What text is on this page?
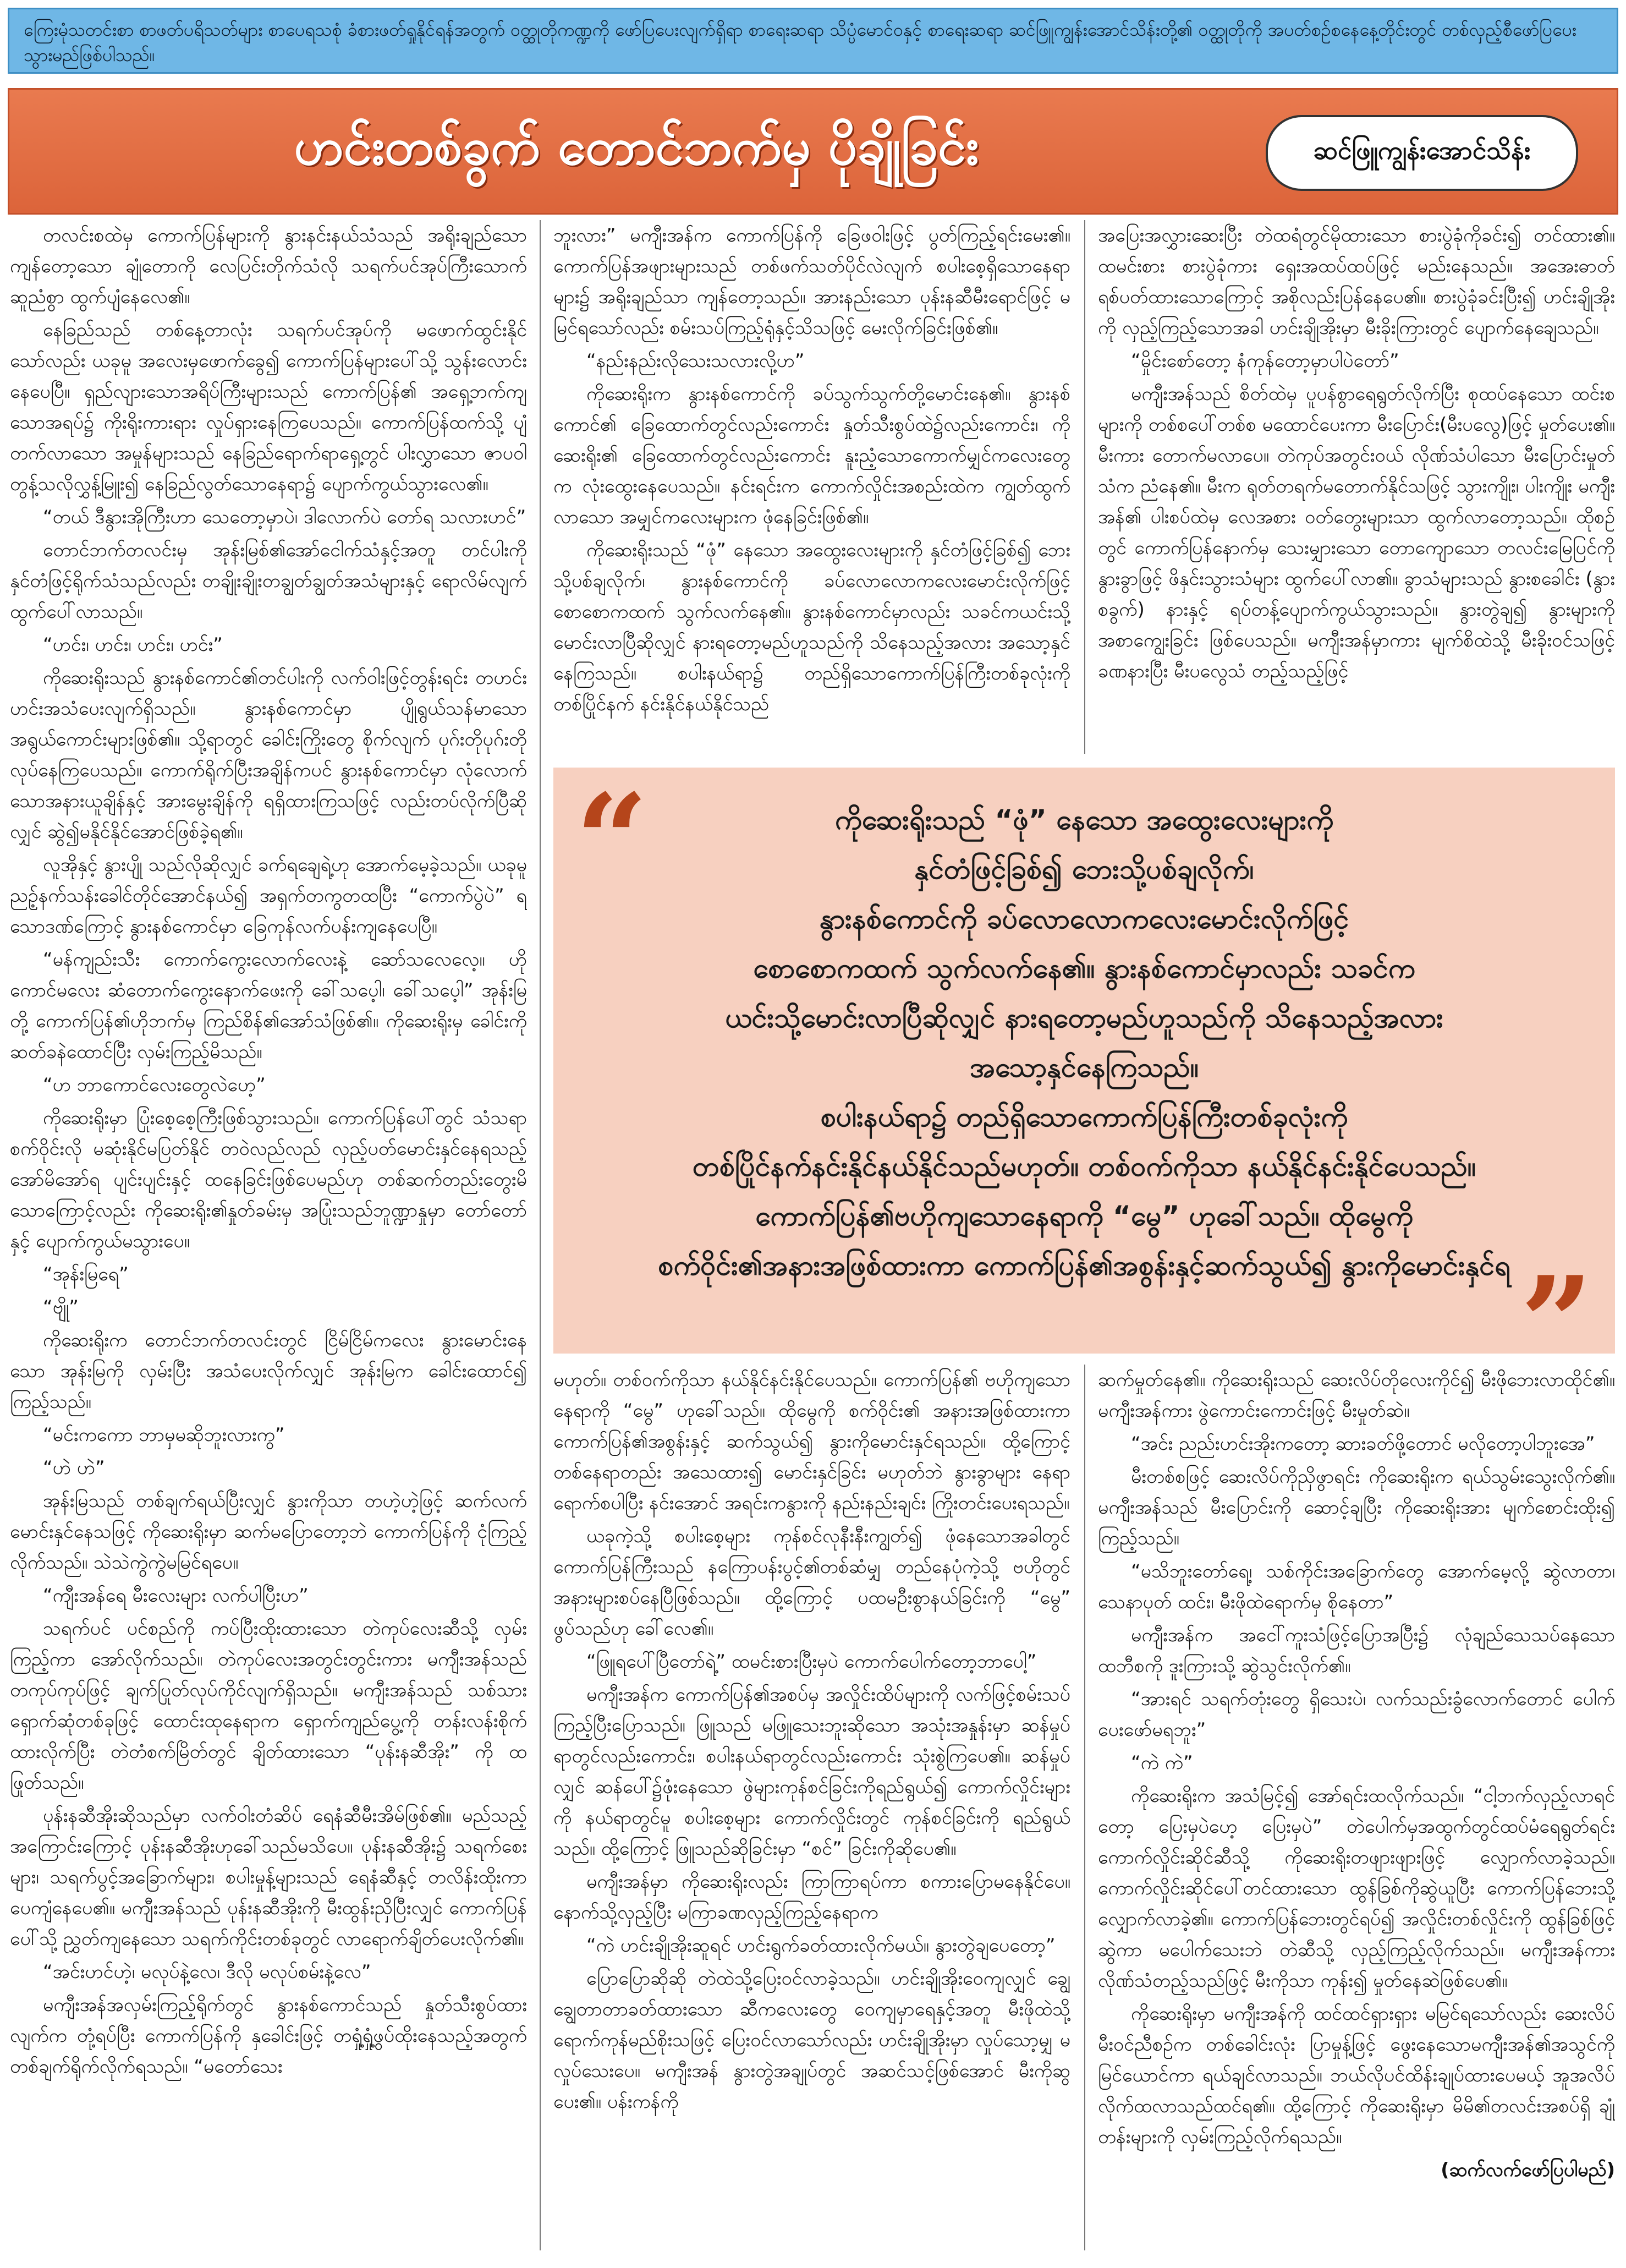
ကြေးမုံသတင်းစာ စာဖတ်ပရိသတ်များ စာပေရသစုံ ခံစားဖတ်ရှုနိုင်ရန်အတွက် ဝတ္ထုတိုကဏ္ဍကို ဖော်ပြပေးလျက်ရှိရာ စာရေးဆရာ သိပ္ပံမောင်ဝနှင့် စာရေးဆရာ ဆင်ဖြူကျွန်းအောင်သိန်းတို့၏ ဝတ္ထုတိုကို အပတ်စဉ်စနေနေ့တိုင်းတွင် တစ်လှည့်စီဖော်ပြပေးသွားမည်ဖြစ်ပါသည်။
ဟင်းတစ်ခွက် တောင်ဘက်မှ ပိုချိုခြင်း	ဆင်ဖြူကျွန်းအောင်သိန်း

တလင်းစထဲမှ ကောက်ပြန်များကို နွားနင်းနယ်သံသည် အရိုးချည်သောကျန်တော့သော ချုံတောကို လေပြင်းတိုက်သံလို သရက်ပင်အုပ်ကြီးသောက် ဆူညံစွာ ထွက်ပျံနေလေ၏။

နေခြည်သည် တစ်နေ့တာလုံး သရက်ပင်အုပ်ကို မဖောက်ထွင်းနိုင်သော်လည်း ယခုမူ အလေးမှဖောက်ခွေ၍ ကောက်ပြန်များပေါ်သို့ သွန်းလောင်းနေပေပြီ။ ရှည်လျားသောအရိပ်ကြီးများသည် ကောက်ပြန်၏ အရှေ့ဘက်ကျသောအရပ်၌ ကိုးရိုးကားရား လှုပ်ရှားနေကြပေသည်။ ကောက်ပြန်ထက်သို့ ပျံတက်လာသော အမှုန်များသည် နေခြည်ရောက်ရာရှေ့တွင် ပါးလွှာသော ဇာပဝါတွန့်သလိုလွှန့်မြူး၍ နေခြည်လွတ်သောနေရာ၌ ပျောက်ကွယ်သွားလေ၏။

“တယ် ဒီနွားအိုကြီးဟာ သေတော့မှာပဲ၊ ဒါလောက်ပဲ တော်ရ သလားဟင်”

တောင်ဘက်တလင်းမှ အုန်းမြစ်၏အော်ငေါက်သံနှင့်အတူ တင်ပါးကို နှင်တံဖြင့်ရိုက်သံသည်လည်း တချိုးချိုးတချွတ်ချွတ်အသံများနှင့် ရောလိမ်လျက်ထွက်ပေါ်လာသည်။

“ဟင်း၊ ဟင်း၊ ဟင်း၊ ဟင်း”

ကိုဆေးရိုးသည် နွားနစ်ကောင်၏တင်ပါးကို လက်ဝါးဖြင့်တွန်းရင်း တဟင်းဟင်းအသံပေးလျက်ရှိသည်။ နွားနစ်ကောင်မှာ ပျိုရွယ်သန်မာသောအရွယ်ကောင်းများဖြစ်၏။ သို့ရာတွင် ခေါင်းကြိုးတွေ စိုက်လျက် ပုဂ်းတိုပုဂ်းတိုလုပ်နေကြပေသည်။ ကောက်ရိုက်ပြီးအချိန်ကပင် နွားနစ်ကောင်မှာ လုံလောက်သောအနားယူချိန်နှင့် အားမွေးချိန်ကို ရရှိထားကြသဖြင့် လည်းတပ်လိုက်ပြီဆိုလျှင် ဆွဲ၍မနိုင်နိုင်အောင်ဖြစ်ခဲ့ရ၏။

လူအိုနှင့် နွားပျို သည်လိုဆိုလျှင် ခက်ရချေရဲ့ဟု အောက်မေ့ခဲ့သည်။ ယခုမူ ညဉ့်နက်သန်းခေါင်တိုင်အောင်နယ်၍ အရှက်တကွတထပြီး “ကောက်ပွဲပဲ” ရသောဒဏ်ကြောင့် နွားနစ်ကောင်မှာ ခြေကုန်လက်ပန်းကျနေပေပြီ။

“မန်ကျည်းသီး ကောက်ကွေးလောက်လေးနဲ့ ဆော်သလေလေ့။ ဟိုကောင်မလေး ဆံတောက်ကွေးနောက်ဖေးကို ခေါ်သပေ့ါ၊ ခေါ်သပေ့ါ” အုန်းမြတို့ ကောက်ပြန်၏ဟိုဘက်မှ ကြည်စိန်၏အော်သံဖြစ်၏။ ကိုဆေးရိုးမှ ခေါင်းကို ဆတ်ခနဲထောင်ပြီး လှမ်းကြည့်မိသည်။

“ဟ ဘာကောင်လေးတွေလဲဟေ့”

ကိုဆေးရိုးမှာ ပြုံးစေ့စေ့ကြီးဖြစ်သွားသည်။ ကောက်ပြန်ပေါ်တွင် သံသရာစက်ဝိုင်းလို မဆုံးနိုင်မပြတ်နိုင် တဝဲလည်လည် လှည့်ပတ်မောင်းနှင်နေရသည့် အော်မိအော်ရ ပျင်းပျင်းနှင့် ထနေခြင်းဖြစ်ပေမည်ဟု တစ်ဆက်တည်းတွေးမိသောကြောင့်လည်း ကိုဆေးရိုး၏နှုတ်ခမ်းမှ အပြုံးသည်ဘူဏ္ဍာနှုမှာ တော်တော်နှင့် ပျောက်ကွယ်မသွားပေ။

“အုန်းမြရေ”

“ဗျို”

ကိုဆေးရိုးက တောင်ဘက်တလင်းတွင် ငြိမ်ငြိမ်ကလေး နွားမောင်းနေသော အုန်းမြကို လှမ်းပြီး အသံပေးလိုက်လျှင် အုန်းမြက ခေါင်းထောင်၍ ကြည့်သည်။

“မင်းကကော ဘာမှမဆိုဘူးလားကွ”

“ဟဲ ဟဲ”

အုန်းမြသည် တစ်ချက်ရယ်ပြီးလျှင် နွားကိုသာ တဟဲ့ဟဲ့ဖြင့် ဆက်လက်မောင်းနှင်နေသဖြင့် ကိုဆေးရိုးမှာ ဆက်မပြောတော့ဘဲ ကောက်ပြန်ကို ငုံကြည့်လိုက်သည်။ သဲသဲကွဲကွဲမမြင်ရပေ။

“ကျီးအန်ရေ မီးလေးများ လက်ပါပြီးဟ”

သရက်ပင် ပင်စည်ကို ကပ်ပြီးထိုးထားသော တဲကုပ်လေးဆီသို့ လှမ်းကြည့်ကာ အော်လိုက်သည်။ တဲကုပ်လေးအတွင်းတွင်းကား မကျီးအန်သည် တကုပ်ကုပ်ဖြင့် ချက်ပြုတ်လုပ်ကိုင်လျက်ရှိသည်။ မကျီးအန်သည် သစ်သားရှောက်ဆုံတစ်ခုဖြင့် ထောင်းထုနေရာက ရှောက်ကျည်ပွေ့ကို တန်းလန်းစိုက်ထားလိုက်ပြီး တဲတံစက်မြိတ်တွင် ချိတ်ထားသော “ပုန်းနဆီအိုး” ကို ထဖြုတ်သည်။

ပုန်းနဆီအိုးဆိုသည်မှာ လက်ဝါးတံဆိပ် ရေနံဆီမီးအိမ်ဖြစ်၏။ မည်သည့်အကြောင်းကြောင့် ပုန်းနဆီအိုးဟုခေါ်သည်မသိပေ။ ပုန်းနဆီအိုး၌ သရက်စေးများ၊ သရက်ပွင့်အခြောက်များ၊ စပါးမှုန့်များသည် ရေနံဆီနှင့် တလိန်းထိုးကာ ပေကျံနေပေ၏။ မကျီးအန်သည် ပုန်းနဆီအိုးကို မီးထွန်းညှိပြီးလျှင် ကောက်ပြန်ပေါ်သို့ ညွှတ်ကျနေသော သရက်ကိုင်းတစ်ခုတွင် လာရောက်ချိတ်ပေးလိုက်၏။

“အင်းဟင်ဟဲ့၊ မလုပ်နဲ့လေ၊ ဒီလို မလုပ်စမ်းနဲ့လေ”

မကျီးအန်အလှမ်းကြည့်ရိုက်တွင် နွားနစ်ကောင်သည် နှုတ်သီးစွပ်ထားလျက်က တုံ့ရပ်ပြီး ကောက်ပြန်ကို နှခေါင်းဖြင့် တရှုံ့ရှုံ့ဖွပ်ထိုးနေသည့်အတွက် တစ်ချက်ရိုက်လိုက်ရသည်။ “မတော်သေး

ဘူးလား” မကျီးအန်က ကောက်ပြန်ကို ခြေဖဝါးဖြင့် ပွတ်ကြည့်ရင်းမေး၏။ ကောက်ပြန်အဖျားများသည် တစ်ဖက်သတ်ပိုင်လဲလျက် စပါးစေ့ရှိသောနေရာများ၌ အရိုးချည်သာ ကျန်တော့သည်။ အားနည်းသော ပုန်းနဆီမီးရောင်ဖြင့် မမြင်ရသော်လည်း စမ်းသပ်ကြည့်ရုံနှင့်သိသဖြင့် မေးလိုက်ခြင်းဖြစ်၏။

“နည်းနည်းလိုသေးသလားလို့ဟ”

ကိုဆေးရိုးက နွားနစ်ကောင်ကို ခပ်သွက်သွက်တို့မောင်းနေ၏။ နွားနစ်ကောင်၏ ခြေထောက်တွင်လည်းကောင်း နှုတ်သီးစွပ်ထဲ၌လည်းကောင်း၊ ကိုဆေးရိုး၏ ခြေထောက်တွင်လည်းကောင်း နူးညံ့သောကောက်မျှင်ကလေးတွေက လုံးထွေးနေပေသည်။ နင်းရင်းက ကောက်လှိုင်းအစည်းထဲက ကျွတ်ထွက်လာသော အမျှင်ကလေးများက ဖုံနေခြင်းဖြစ်၏။

ကိုဆေးရိုးသည် “ဖုံ” နေသော အထွေးလေးများကို နှင်တံဖြင့်ခြစ်၍ ဘေးသို့ပစ်ချလိုက်၊ နွားနစ်ကောင်ကို ခပ်လောလောကလေးမောင်းလိုက်ဖြင့် စောစောကထက် သွက်လက်နေ၏။ နွားနစ်ကောင်မှာလည်း သခင်ကယင်းသို့မောင်းလာပြီဆိုလျှင် နားရတော့မည်ဟူသည်ကို သိနေသည့်အလား အသော့နှင်နေကြသည်။ စပါးနယ်ရာ၌ တည်ရှိသောကောက်ပြန်ကြီးတစ်ခုလုံးကို တစ်ပြိုင်နက် နင်းနိုင်နယ်နိုင်သည်

အပြေးအလွှားဆေးပြီး တဲထရံတွင်မိုထားသော စားပွဲခုံကိုခင်း၍ တင်ထား၏။ ထမင်းစား စားပွဲခုံကား ရှေးအထပ်ထပ်ဖြင့် မည်းနေသည်။ အအေးဓာတ်ရစ်ပတ်ထားသောကြောင့် အစိုလည်းပြန်နေပေ၏။ စားပွဲခုံခင်းပြီး၍ ဟင်းချိုအိုးကို လှည့်ကြည့်သောအခါ ဟင်းချိုအိုးမှာ မီးခိုးကြားတွင် ပျောက်နေချေသည်။

“မှိုင်းစော်တော့ နံကုန်တော့မှာပါပဲတော်”

မကျီးအန်သည် စိတ်ထဲမှ ပူပန်စွာရေရွတ်လိုက်ပြီး စုထပ်နေသော ထင်းစများကို တစ်စပေါ်တစ်စ မထောင်ပေးကာ မီးပြောင်း(မီးပလွေ)ဖြင့် မှုတ်ပေး၏။ မီးကား တောက်မလာပေ။ တဲကုပ်အတွင်းဝယ် လိုဏ်သံပါသော မီးပြောင်းမှုတ်သံက ညံနေ၏။ မီးက ရုတ်တရက်မတောက်နိုင်သဖြင့် သွားကျိုး၊ ပါးကျိုး မကျီးအန်၏ ပါးစပ်ထဲမှ လေအစား ဝတ်တွေးများသာ ထွက်လာတော့သည်။ ထိုစဉ်တွင် ကောက်ပြန်နောက်မှ သေးမျှားသော တောကျောသော တလင်းမြေပြင်ကို နွားခွာဖြင့် ဖိနှင်းသွားသံများ ထွက်ပေါ်လာ၏။ ခွာသံများသည် နွားစခေါင်း (နွားစခွက်) နားနှင့် ရပ်တန့်ပျောက်ကွယ်သွားသည်။ နွားတွဲချ၍ နွားများကို အစာကျွေးခြင်း ဖြစ်ပေသည်။ မကျီးအန်မှာကား မျက်စိထဲသို့ မီးခိုးဝင်သဖြင့် ခဏနားပြီး မီးပလွေသံ တည့်သည့်ဖြင့်

“	ကိုဆေးရိုးသည် “ဖုံ” နေသော အထွေးလေးများကို

နှင်တံဖြင့်ခြစ်၍ ဘေးသို့ပစ်ချလိုက်၊

နွားနစ်ကောင်ကို ခပ်လောလောကလေးမောင်းလိုက်ဖြင့်

စောစောကထက် သွက်လက်နေ၏။ နွားနစ်ကောင်မှာလည်း သခင်က

ယင်းသို့မောင်းလာပြီဆိုလျှင် နားရတော့မည်ဟူသည်ကို သိနေသည့်အလား

အသော့နှင်နေကြသည်။

စပါးနယ်ရာ၌ တည်ရှိသောကောက်ပြန်ကြီးတစ်ခုလုံးကို

တစ်ပြိုင်နက်နင်းနိုင်နယ်နိုင်သည်မဟုတ်။ တစ်ဝက်ကိုသာ နယ်နိုင်နင်းနိုင်ပေသည်။

ကောက်ပြန်၏ဗဟိုကျသောနေရာကို “မွေ” ဟုခေါ်သည်။ ထိုမွေကို

စက်ဝိုင်း၏အနားအဖြစ်ထားကာ ကောက်ပြန်၏အစွန်းနှင့်ဆက်သွယ်၍ နွားကိုမောင်းနှင်ရ ”

မဟုတ်။ တစ်ဝက်ကိုသာ နယ်နိုင်နင်းနိုင်ပေသည်။ ကောက်ပြန်၏ ဗဟိုကျသော နေရာကို “မွေ” ဟုခေါ်သည်။ ထိုမွေကို စက်ဝိုင်း၏ အနားအဖြစ်ထားကာ ကောက်ပြန်၏အစွန်းနှင့် ဆက်သွယ်၍ နွားကိုမောင်းနှင်ရသည်။ ထို့ကြောင့် တစ်နေရာတည်း အသေထား၍ မောင်းနှင်ခြင်း မဟုတ်ဘဲ နွားခွာများ နေရာရောက်စပါပြီး နင်းအောင် အရင်းကနွားကို နည်းနည်းချင်း ကြိုးတင်းပေးရသည်။

ယခုကဲ့သို့ စပါးစေ့များ ကုန်စင်လုနီးနီးကျွတ်၍ ဖုံနေသောအခါတွင် ကောက်ပြန်ကြီးသည် နကြောပန်းပွင့်၏တစ်ဆံမျှ တည်နေပုံကဲ့သို့ ဗဟိုတွင် အနားများစပ်နေပြီဖြစ်သည်။ ထို့ကြောင့် ပထမဦးစွာနယ်ခြင်းကို “မွေ” ဖွပ်သည်ဟု ခေါ်လေ၏။

“ဖြူရပေါ်ပြီတော်ရဲ့” ထမင်းစားပြီးမှပဲ ကောက်ပေါက်တော့ဘာပေါ့”

မကျီးအန်က ကောက်ပြန်၏အစပ်မှ အလှိုင်းထိပ်များကို လက်ဖြင့်စမ်းသပ်ကြည့်ပြီးပြောသည်။ ဖြူသည် မဖြူသေးဘူးဆိုသော အသုံးအနှုန်းမှာ ဆန်မှုပ်ရာတွင်လည်းကောင်း၊ စပါးနယ်ရာတွင်လည်းကောင်း သုံးစွဲကြပေ၏။ ဆန်မှုပ်လျှင် ဆန်ပေါ်၌ဖုံးနေသော ဖွဲများကုန်စင်ခြင်းကိုရည်ရွယ်၍ ကောက်လှိုင်းများကို နယ်ရာတွင်မူ စပါးစေ့များ ကောက်လှိုင်းတွင် ကုန်စင်ခြင်းကို ရည်ရွယ်သည်။ ထို့ကြောင့် ဖြူသည်ဆိုခြင်းမှာ “စင်” ခြင်းကိုဆိုပေ၏။

မကျီးအန်မှာ ကိုဆေးရိုးလည်း ကြာကြာရပ်ကာ စကားပြောမနေနိုင်ပေ။ နောက်သို့လှည့်ပြီး မကြာခဏလှည့်ကြည့်နေရာက

“ကဲ ဟင်းချိုအိုးဆူရင် ဟင်းရွက်ခတ်ထားလိုက်မယ်။ နွားတွဲချပေတော့”

ပြောပြောဆိုဆို တဲထဲသို့ပြေးဝင်လာခဲ့သည်။ ဟင်းချိုအိုးဝေကျလျှင် ချွေချွေတာတာခတ်ထားသော ဆီကလေးတွေ ဝေကျမှာရေနှင့်အတူ မီးဖိုထဲသို့ ရောက်ကုန်မည်စိုးသဖြင့် ပြေးဝင်လာသော်လည်း ဟင်းချိုအိုးမှာ လှုပ်သော့မျှ မလှုပ်သေးပေ။ မကျီးအန် နွားတွဲအချုပ်တွင် အဆင်သင့်ဖြစ်အောင် မီးကိုဆွပေး၏။ ပန်းကန်ကို

ဆက်မှုတ်နေ၏။ ကိုဆေးရိုးသည် ဆေးလိပ်တိုလေးကိုင်၍ မီးဖိုဘေးလာထိုင်၏။ မကျီးအန်ကား ဖွဲကောင်းကောင်းဖြင့် မီးမှုတ်ဆဲ။

“အင်း ညည်းဟင်းအိုးကတော့ ဆားခတ်ဖို့တောင် မလိုတော့ပါဘူးအေ”

မီးတစ်စဖြင့် ဆေးလိပ်ကိုညှိဖွာရင်း ကိုဆေးရိုးက ရယ်သွမ်းသွေးလိုက်၏။ မကျီးအန်သည် မီးပြောင်းကို ဆောင့်ချပြီး ကိုဆေးရိုးအား မျက်စောင်းထိုး၍ ကြည့်သည်။

“မသိဘူးတော်ရေ့၊ သစ်ကိုင်းအခြောက်တွေ အောက်မေ့လို့ ဆွဲလာတာ၊ သေနာပုတ် ထင်း၊ မီးဖိုထဲရောက်မှ စိုနေတာ”

မကျီးအန်က အငေါ်ကူးသံဖြင့်ပြောအပြီး၌ လုံချည်သေသပ်နေသော ထဘီစကို ဒူးကြားသို့ ဆွဲသွင်းလိုက်၏။

“အားရင် သရက်တုံးတွေ ရှိသေးပဲ၊ လက်သည်းခွံလောက်တောင် ပေါက်ပေးဖော်မရဘူး”

“ကဲ ကဲ”

ကိုဆေးရိုးက အသံမြင့်၍ အော်ရင်းထလိုက်သည်။ “ငါ့ဘက်လှည့်လာရင်တော့ ပြေးမှပဲဟေ့ ပြေးမှပဲ” တဲပေါက်မှအထွက်တွင်ထပ်မံရေရွတ်ရင်း ကောက်လှိုင်းဆိုင်ဆီသို့ ကိုဆေးရိုးတဖျားဖျားဖြင့် လျှောက်လာခဲ့သည်။ ကောက်လှိုင်းဆိုင်ပေါ်တင်ထားသော ထွန်ခြစ်ကိုဆွဲယူပြီး ကောက်ပြန်ဘေးသို့ လျှောက်လာခဲ့၏။ ကောက်ပြန်ဘေးတွင်ရပ်၍ အလှိုင်းတစ်လှိုင်းကို ထွန်ခြစ်ဖြင့်ဆွဲကာ မပေါက်သေးဘဲ တဲဆီသို့ လှည့်ကြည့်လိုက်သည်။ မကျီးအန်ကား လိုဏ်သံတည့်သည်ဖြင့် မီးကိုသာ ကုန်း၍ မှုတ်နေဆဲဖြစ်ပေ၏။

ကိုဆေးရိုးမှာ မကျီးအန်ကို ထင်ထင်ရှားရှား မမြင်ရသော်လည်း ဆေးလိပ်မီးဝင်ညီစဉ်က တစ်ခေါင်းလုံး ပြာမှုန့်ဖြင့် ဖွေးနေသောမကျီးအန်၏အသွင်ကို မြင်ယောင်ကာ ရယ်ချင်လာသည်။ ဘယ်လိုပင်ထိန်းချုပ်ထားပေမယ့် အူအလိပ်လိုက်ထလာသည်ထင်ရ၏။ ထို့ကြောင့် ကိုဆေးရိုးမှာ မိမိ၏တလင်းအစပ်ရှိ ချုံတန်းများကို လှမ်းကြည့်လိုက်ရသည်။

(ဆက်လက်ဖော်ပြပါမည်)
